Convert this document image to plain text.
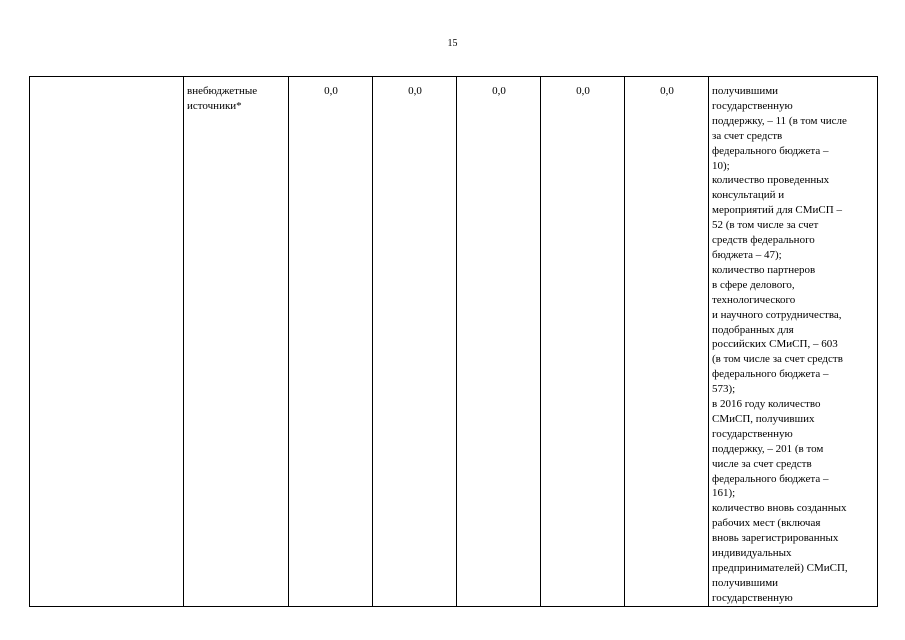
15
	внебюджетные источники*	0,0	0,0	0,0	0,0	0,0	получившими
государственную
поддержку, – 11 (в том числе
за счет средств
федерального бюджета –
10);
количество проведенных
консультаций и
мероприятий для СМиСП –
52 (в том числе за счет
средств федерального
бюджета – 47);
количество партнеров
в сфере делового,
технологического
и научного сотрудничества,
подобранных для
российских СМиСП, – 603
(в том числе за счет средств
федерального бюджета –
573);
в 2016 году количество
СМиСП, получивших
государственную
поддержку, – 201 (в том
числе за счет средств
федерального бюджета –
161);
количество вновь созданных
рабочих мест (включая
вновь зарегистрированных
индивидуальных
предпринимателей) СМиСП,
получившими
государственную
